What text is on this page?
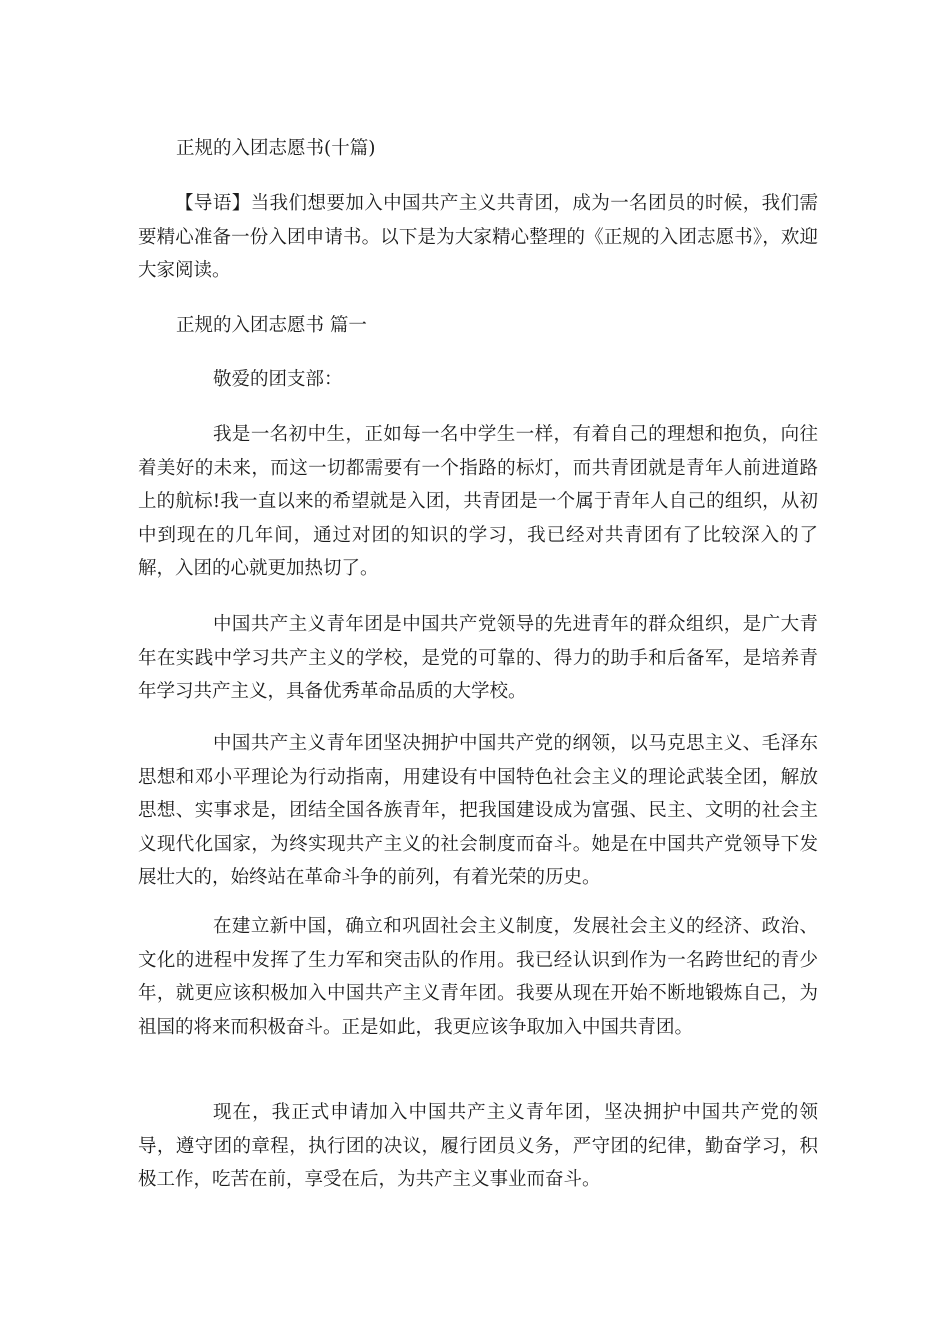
正规的入团志愿书(十篇)
【导语】当我们想要加入中国共产主义共青团，成为一名团员的时候，我们需要精心准备一份入团申请书。以下是为大家精心整理的《正规的入团志愿书》，欢迎大家阅读。
正规的入团志愿书 篇一
敬爱的团支部：
我是一名初中生，正如每一名中学生一样，有着自己的理想和抱负，向往着美好的未来，而这一切都需要有一个指路的标灯，而共青团就是青年人前进道路上的航标!我一直以来的希望就是入团，共青团是一个属于青年人自己的组织，从初中到现在的几年间，通过对团的知识的学习，我已经对共青团有了比较深入的了解，入团的心就更加热切了。
中国共产主义青年团是中国共产党领导的先进青年的群众组织，是广大青年在实践中学习共产主义的学校，是党的可靠的、得力的助手和后备军，是培养青年学习共产主义，具备优秀革命品质的大学校。
中国共产主义青年团坚决拥护中国共产党的纲领，以马克思主义、毛泽东思想和邓小平理论为行动指南，用建设有中国特色社会主义的理论武装全团，解放思想、实事求是，团结全国各族青年，把我国建设成为富强、民主、文明的社会主义现代化国家，为终实现共产主义的社会制度而奋斗。她是在中国共产党领导下发展壮大的，始终站在革命斗争的前列，有着光荣的历史。
在建立新中国，确立和巩固社会主义制度，发展社会主义的经济、政治、文化的进程中发挥了生力军和突击队的作用。我已经认识到作为一名跨世纪的青少年，就更应该积极加入中国共产主义青年团。我要从现在开始不断地锻炼自己，为祖国的将来而积极奋斗。正是如此，我更应该争取加入中国共青团。
现在，我正式申请加入中国共产主义青年团，坚决拥护中国共产党的领导，遵守团的章程，执行团的决议，履行团员义务，严守团的纪律，勤奋学习，积极工作，吃苦在前，享受在后，为共产主义事业而奋斗。
